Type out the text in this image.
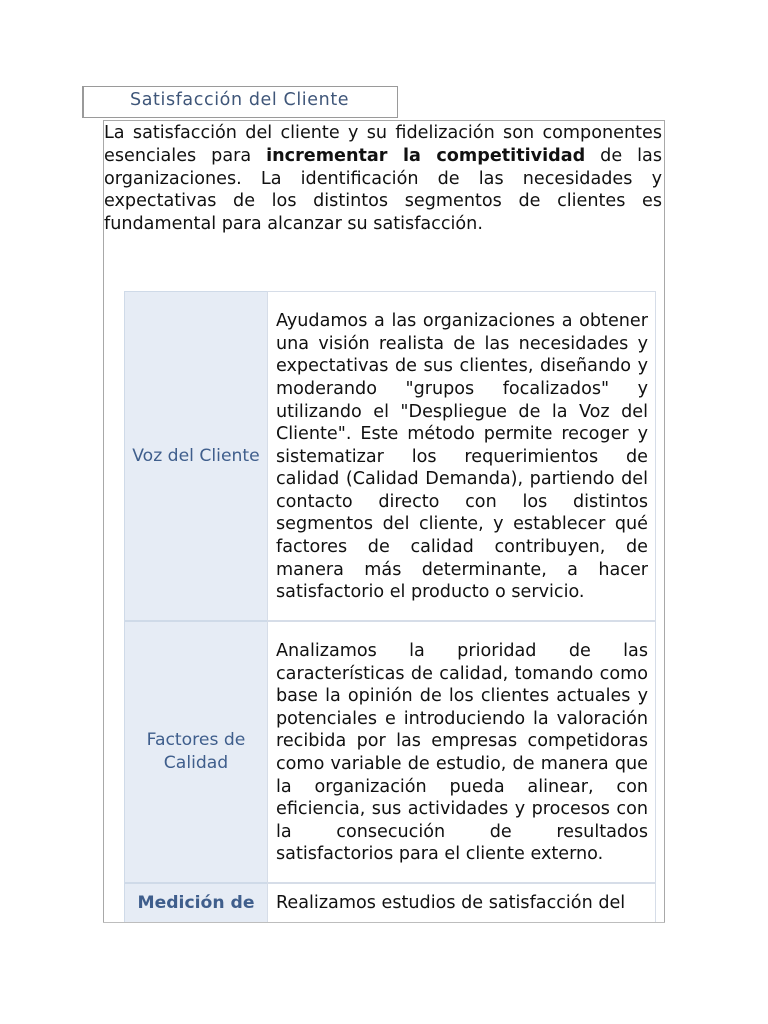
Satisfacción del Cliente
La satisfacción del cliente y su fidelización son componentes esenciales para incrementar la competitividad de las organizaciones. La identificación de las necesidades y expectativas de los distintos segmentos de clientes es fundamental para alcanzar su satisfacción.
Voz del Cliente	Ayudamos a las organizaciones a obtener una visión realista de las necesidades y expectativas de sus clientes, diseñando y moderando "grupos focalizados" y utilizando el "Despliegue de la Voz del Cliente". Este método permite recoger y sistematizar los requerimientos de calidad (Calidad Demanda), partiendo del contacto directo con los distintos segmentos del cliente, y establecer qué factores de calidad contribuyen, de manera más determinante, a hacer satisfactorio el producto o servicio.
Factores de Calidad	Analizamos la prioridad de las características de calidad, tomando como base la opinión de los clientes actuales y potenciales e introduciendo la valoración recibida por las empresas competidoras como variable de estudio, de manera que la organización pueda alinear, con eficiencia, sus actividades y procesos con la consecución de resultados satisfactorios para el cliente externo.
Medición de	Realizamos estudios de satisfacción del
